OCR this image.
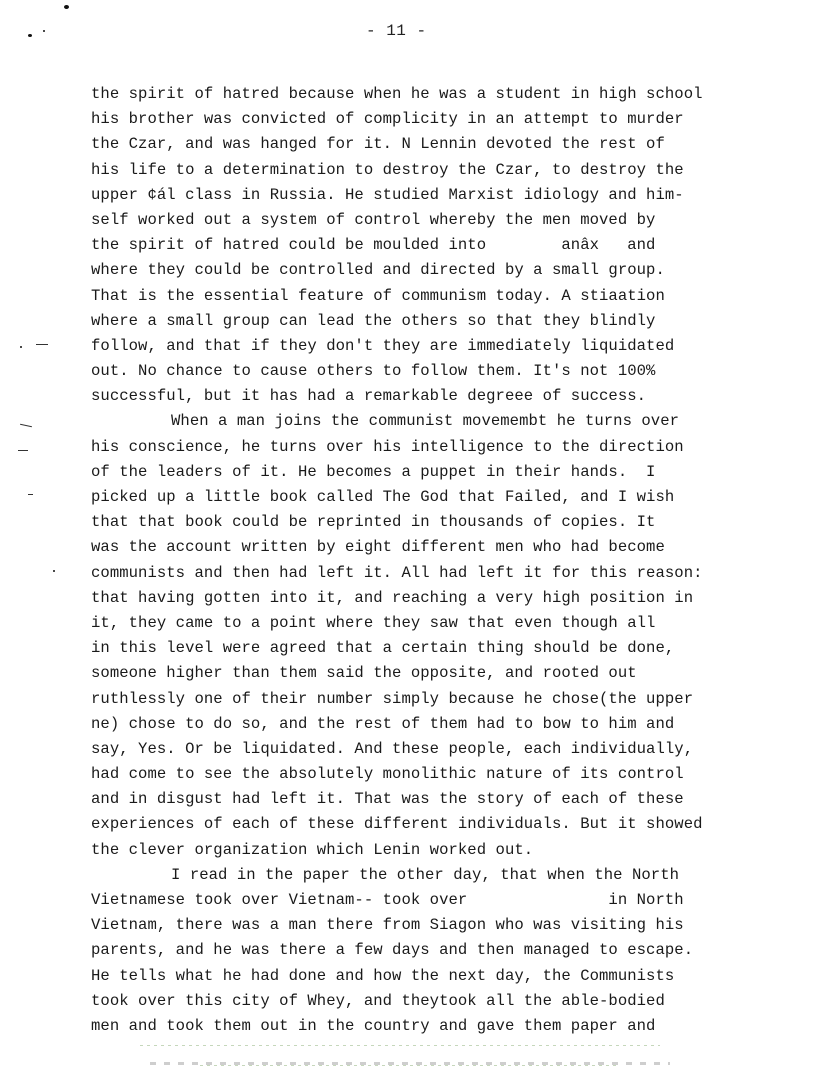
- 11 -
the spirit of hatred because when he was a student in high school
his brother was convicted of complicity in an attempt to murder
the Czar, and was hanged for it. N Lennin devoted the rest of
his life to a determination to destroy the Czar, to destroy the
upper ¢ál class in Russia. He studied Marxist idiology and him-
self worked out a system of control whereby the men moved by
the spirit of hatred could be moulded into        anâx   and
where they could be controlled and directed by a small group.
That is the essential feature of communism today. A stiaation
where a small group can lead the others so that they blindly
follow, and that if they don't they are immediately liquidated
out. No chance to cause others to follow them. It's not 100%
successful, but it has had a remarkable degreee of success.
When a man joins the communist movemembt he turns over
his conscience, he turns over his intelligence to the direction
of the leaders of it. He becomes a puppet in their hands.  I
picked up a little book called The God that Failed, and I wish
that that book could be reprinted in thousands of copies. It
was the account written by eight different men who had become
communists and then had left it. All had left it for this reason:
that having gotten into it, and reaching a very high position in
it, they came to a point where they saw that even though all
in this level were agreed that a certain thing should be done,
someone higher than them said the opposite, and rooted out
ruthlessly one of their number simply because he chose(the upper
ne) chose to do so, and the rest of them had to bow to him and
say, Yes. Or be liquidated. And these people, each individually,
had come to see the absolutely monolithic nature of its control
and in disgust had left it. That was the story of each of these
experiences of each of these different individuals. But it showed
the clever organization which Lenin worked out.
I read in the paper the other day, that when the North
Vietnamese took over Vietnam-- took over               in North
Vietnam, there was a man there from Siagon who was visiting his
parents, and he was there a few days and then managed to escape.
He tells what he had done and how the next day, the Communists
took over this city of Whey, and theytook all the able-bodied
men and took them out in the country and gave them paper and
